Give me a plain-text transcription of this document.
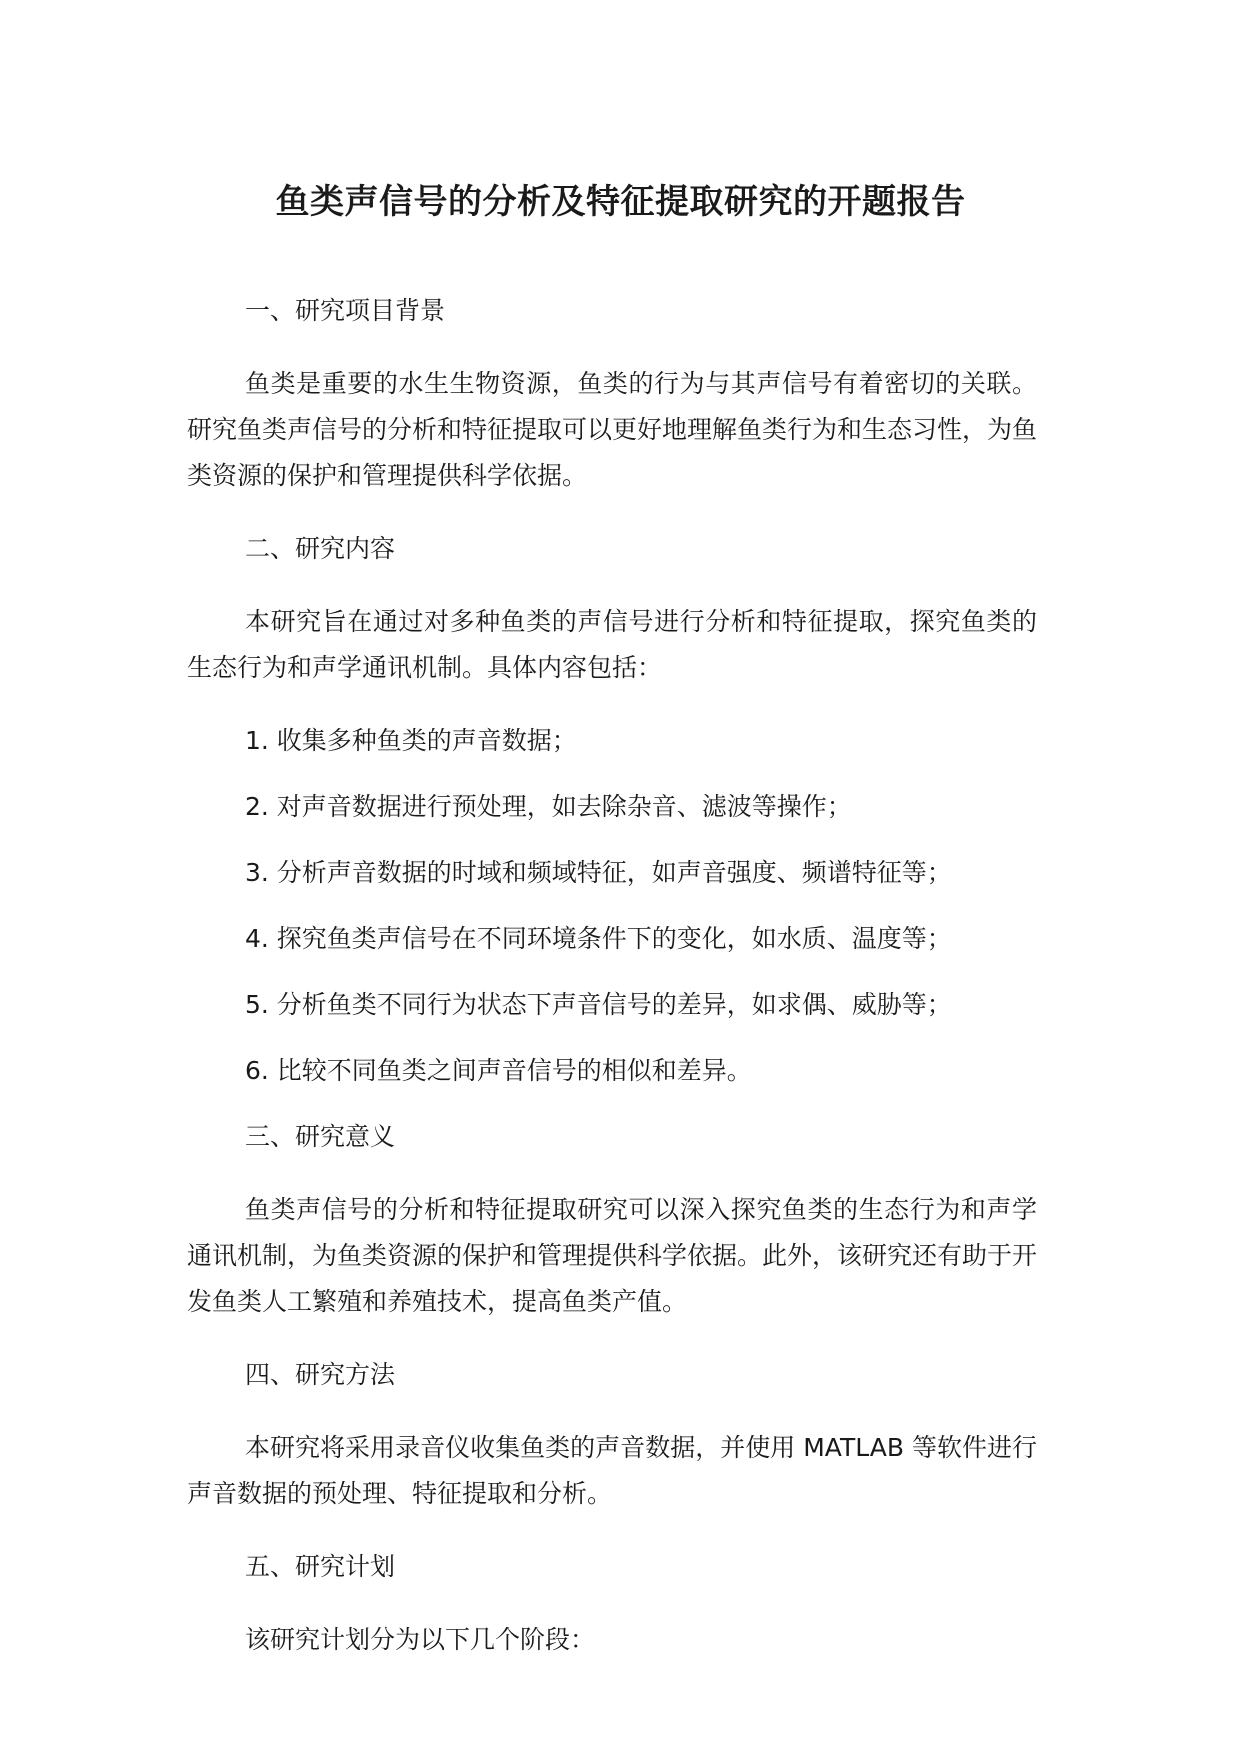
鱼类声信号的分析及特征提取研究的开题报告

一、研究项目背景

鱼类是重要的水生生物资源，鱼类的行为与其声信号有着密切的关联。研究鱼类声信号的分析和特征提取可以更好地理解鱼类行为和生态习性，为鱼类资源的保护和管理提供科学依据。

二、研究内容

本研究旨在通过对多种鱼类的声信号进行分析和特征提取，探究鱼类的生态行为和声学通讯机制。具体内容包括：

1. 收集多种鱼类的声音数据；

2. 对声音数据进行预处理，如去除杂音、滤波等操作；

3. 分析声音数据的时域和频域特征，如声音强度、频谱特征等；

4. 探究鱼类声信号在不同环境条件下的变化，如水质、温度等；

5. 分析鱼类不同行为状态下声音信号的差异，如求偶、威胁等；

6. 比较不同鱼类之间声音信号的相似和差异。

三、研究意义

鱼类声信号的分析和特征提取研究可以深入探究鱼类的生态行为和声学通讯机制，为鱼类资源的保护和管理提供科学依据。此外，该研究还有助于开发鱼类人工繁殖和养殖技术，提高鱼类产值。

四、研究方法

本研究将采用录音仪收集鱼类的声音数据，并使用 MATLAB 等软件进行声音数据的预处理、特征提取和分析。

五、研究计划

该研究计划分为以下几个阶段：
